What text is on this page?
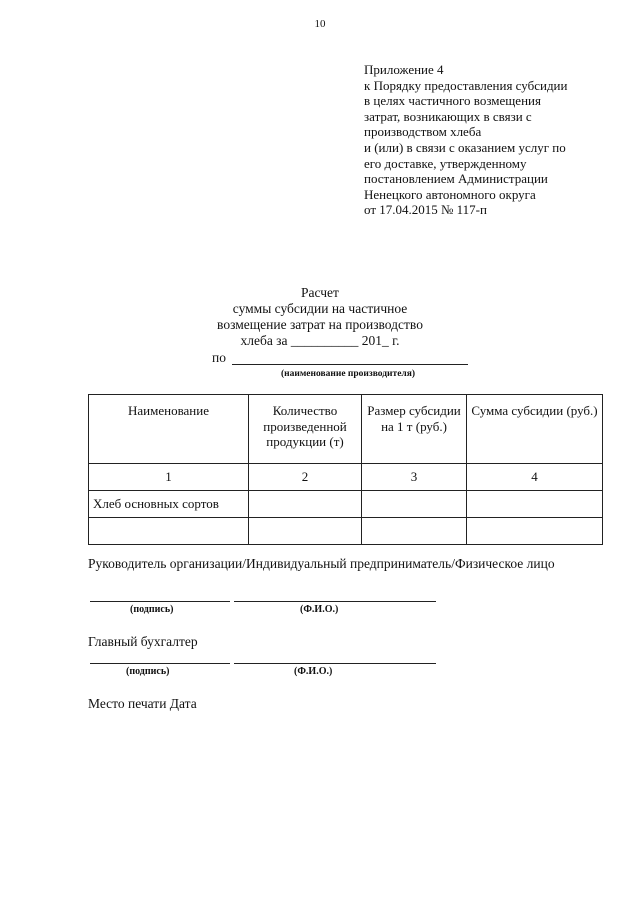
10
Приложение 4
к Порядку предоставления субсидии
в целях частичного возмещения
затрат, возникающих в связи с
производством хлеба
и (или) в связи с оказанием услуг по
его доставке, утвержденному
постановлением Администрации
Ненецкого автономного округа
от 17.04.2015 № 117-п
Расчет
суммы субсидии на частичное
возмещение затрат на производство
хлеба за __________ 201_ г.
по
(наименование производителя)
Наименование	Количество произведенной продукции (т)	Размер субсидии на 1 т (руб.)	Сумма субсидии (руб.)
1	2	3	4
Хлеб основных сортов			

Руководитель организации/Индивидуальный предприниматель/Физическое лицо
(подпись)	(Ф.И.О.)
Главный бухгалтер
(подпись)	(Ф.И.О.)
Место печати Дата
